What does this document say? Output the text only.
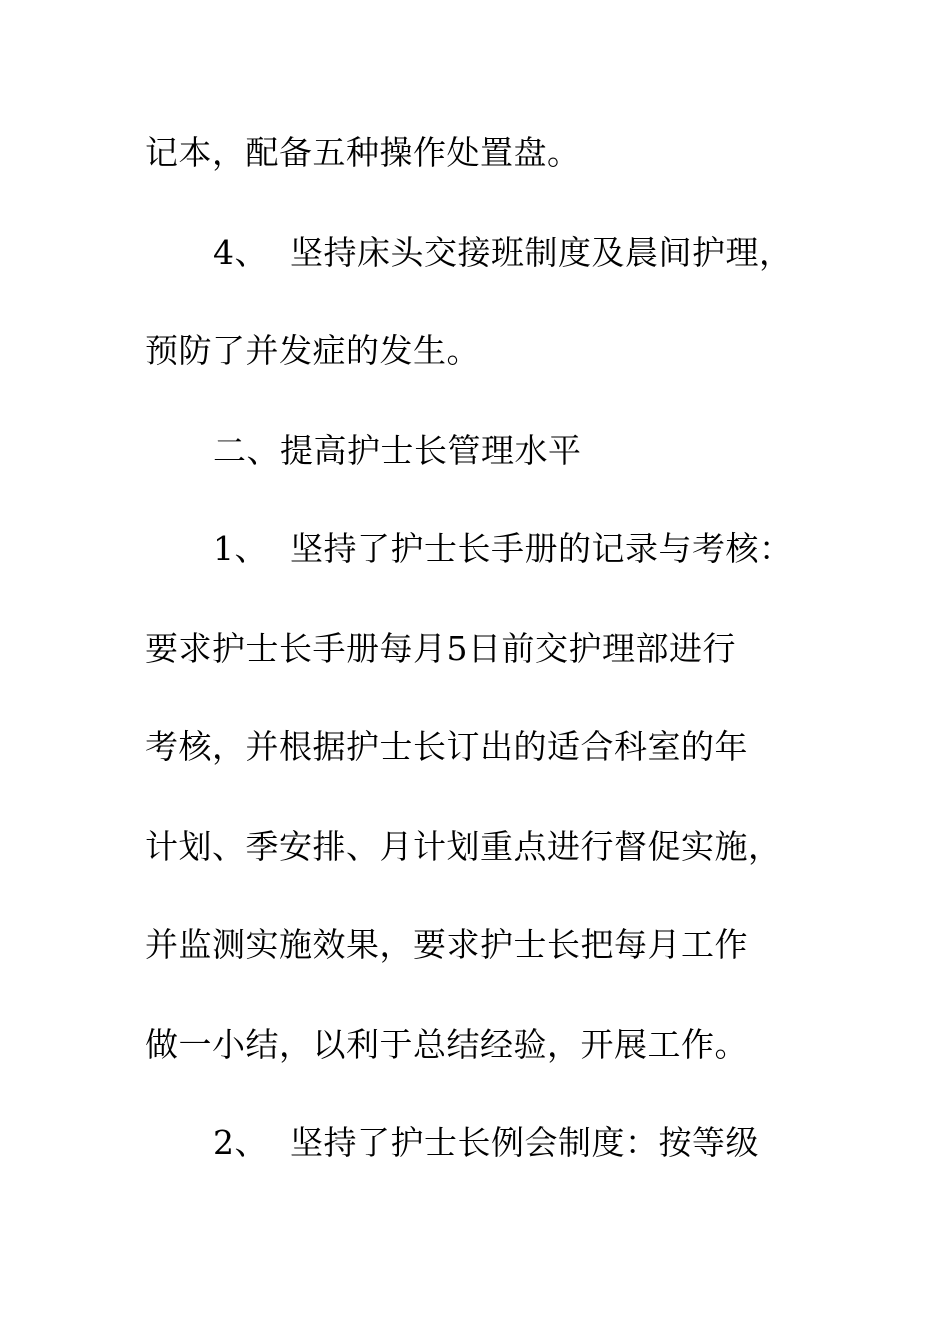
记本，配备五种操作处置盘。
4、  坚持床头交接班制度及晨间护理，
预防了并发症的发生。
二、提高护士长管理水平
1、  坚持了护士长手册的记录与考核：
要求护士长手册每月5日前交护理部进行
考核，并根据护士长订出的适合科室的年
计划、季安排、月计划重点进行督促实施，
并监测实施效果，要求护士长把每月工作
做一小结，以利于总结经验，开展工作。
2、  坚持了护士长例会制度：按等级
